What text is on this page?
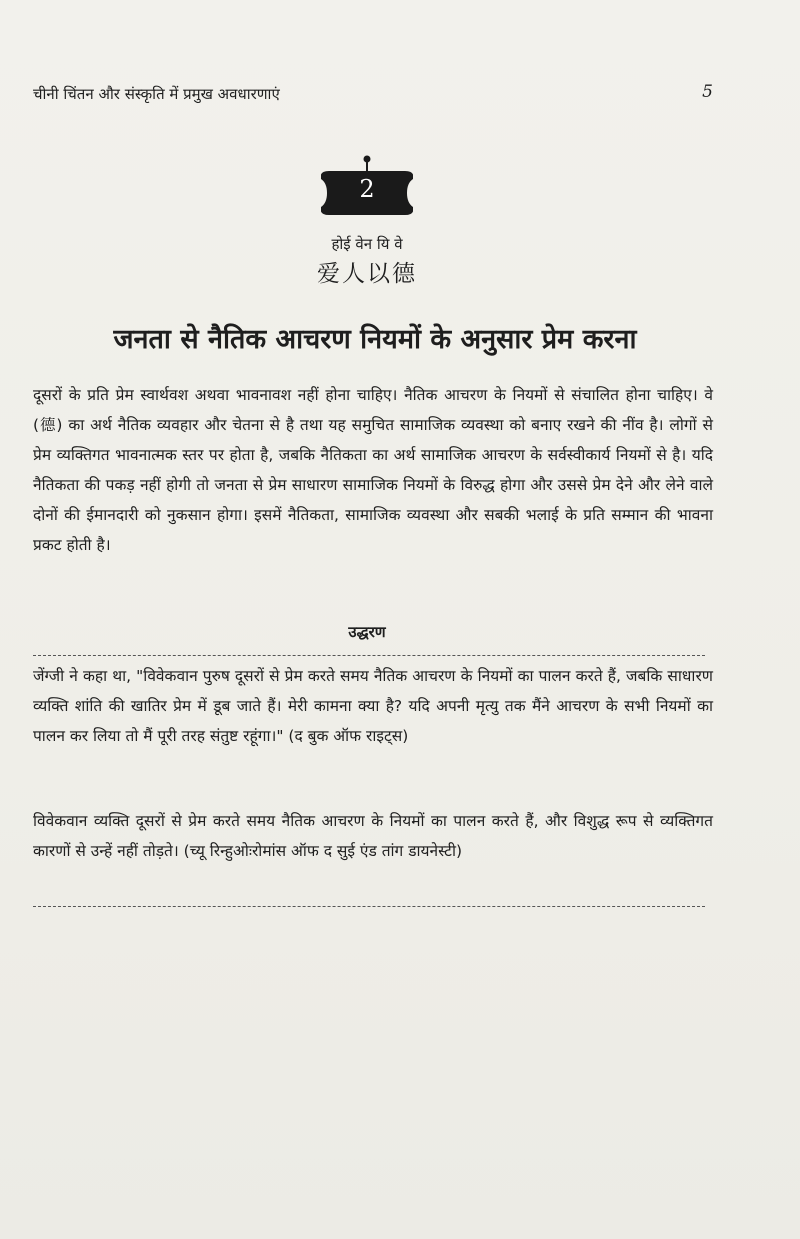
चीनी चिंतन और संस्कृति में प्रमुख अवधारणाएं	5
2
होई वेन यि वे
爱人以德
जनता से नैतिक आचरण नियमों के अनुसार प्रेम करना

दूसरों के प्रति प्रेम स्वार्थवश अथवा भावनावश नहीं होना चाहिए। नैतिक आचरण के नियमों से संचालित होना चाहिए। वे (德) का अर्थ नैतिक व्यवहार और चेतना से है तथा यह समुचित सामाजिक व्यवस्था को बनाए रखने की नींव है। लोगों से प्रेम व्यक्तिगत भावनात्मक स्तर पर होता है, जबकि नैतिकता का अर्थ सामाजिक आचरण के सर्वस्वीकार्य नियमों से है। यदि नैतिकता की पकड़ नहीं होगी तो जनता से प्रेम साधारण सामाजिक नियमों के विरुद्ध होगा और उससे प्रेम देने और लेने वाले दोनों की ईमानदारी को नुकसान होगा। इसमें नैतिकता, सामाजिक व्यवस्था और सबकी भलाई के प्रति सम्मान की भावना प्रकट होती है।

उद्धरण

जेंग्जी ने कहा था, "विवेकवान पुरुष दूसरों से प्रेम करते समय नैतिक आचरण के नियमों का पालन करते हैं, जबकि साधारण व्यक्ति शांति की खातिर प्रेम में डूब जाते हैं। मेरी कामना क्या है? यदि अपनी मृत्यु तक मैंने आचरण के सभी नियमों का पालन कर लिया तो मैं पूरी तरह संतुष्ट रहूंगा।" (द बुक ऑफ राइट्स)

विवेकवान व्यक्ति दूसरों से प्रेम करते समय नैतिक आचरण के नियमों का पालन करते हैं, और विशुद्ध रूप से व्यक्तिगत कारणों से उन्हें नहीं तोड़ते। (च्यू रिन्हुओःरोमांस ऑफ द सुई एंड तांग डायनेस्टी)
